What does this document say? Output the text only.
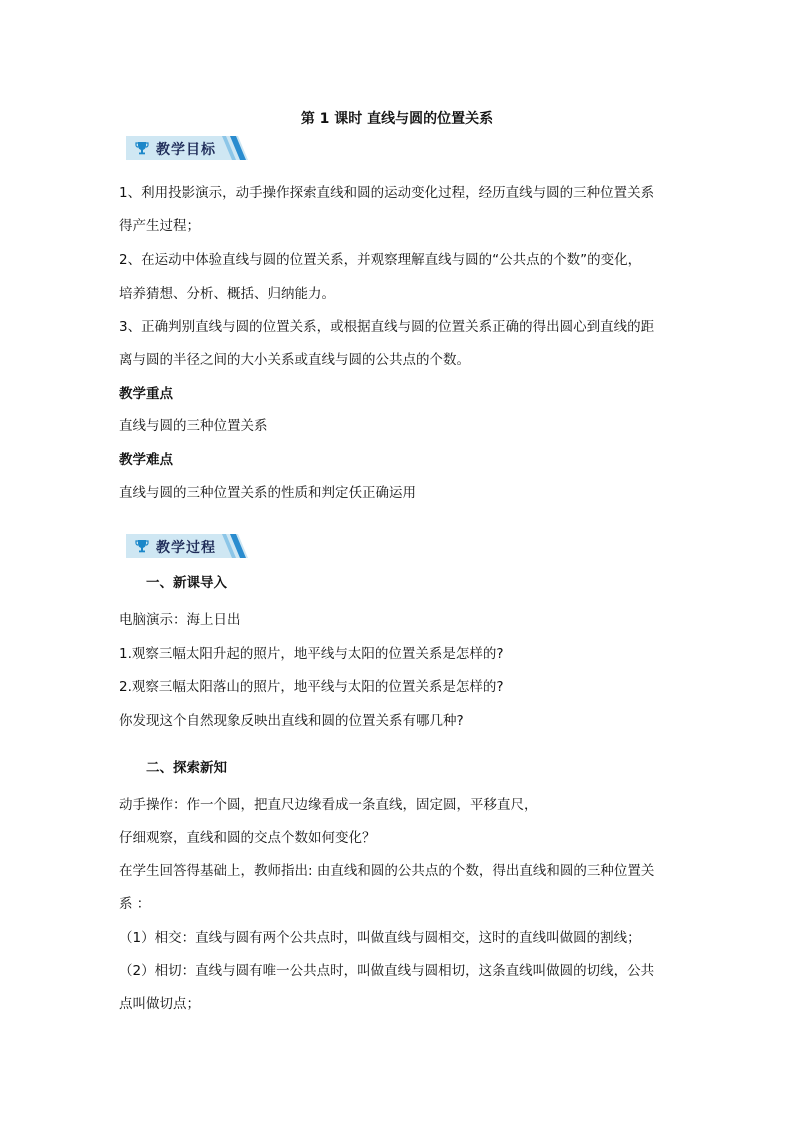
第 1 课时 直线与圆的位置关系
教学目标
1、利用投影演示，动手操作探索直线和圆的运动变化过程，经历直线与圆的三种位置关系
得产生过程；
2、在运动中体验直线与圆的位置关系，并观察理解直线与圆的“公共点的个数”的变化，
培养猜想、分析、概括、归纳能力。
3、正确判别直线与圆的位置关系，或根据直线与圆的位置关系正确的得出圆心到直线的距
离与圆的半径之间的大小关系或直线与圆的公共点的个数。
教学重点
直线与圆的三种位置关系
教学难点
直线与圆的三种位置关系的性质和判定仸正确运用
教学过程
一、新课导入
电脑演示：海上日出
1.观察三幅太阳升起的照片，地平线与太阳的位置关系是怎样的?
2.观察三幅太阳落山的照片，地平线与太阳的位置关系是怎样的?
你发现这个自然现象反映出直线和圆的位置关系有哪几种?
二、探索新知
动手操作：作一个圆，把直尺边缘看成一条直线，固定圆，平移直尺，
仔细观察，直线和圆的交点个数如何变化？
在学生回答得基础上，教师指出: 由直线和圆的公共点的个数，得出直线和圆的三种位置关
系 ：
（1）相交：直线与圆有两个公共点时，叫做直线与圆相交，这时的直线叫做圆的割线；
（2）相切：直线与圆有唯一公共点时，叫做直线与圆相切，这条直线叫做圆的切线，公共
点叫做切点；
